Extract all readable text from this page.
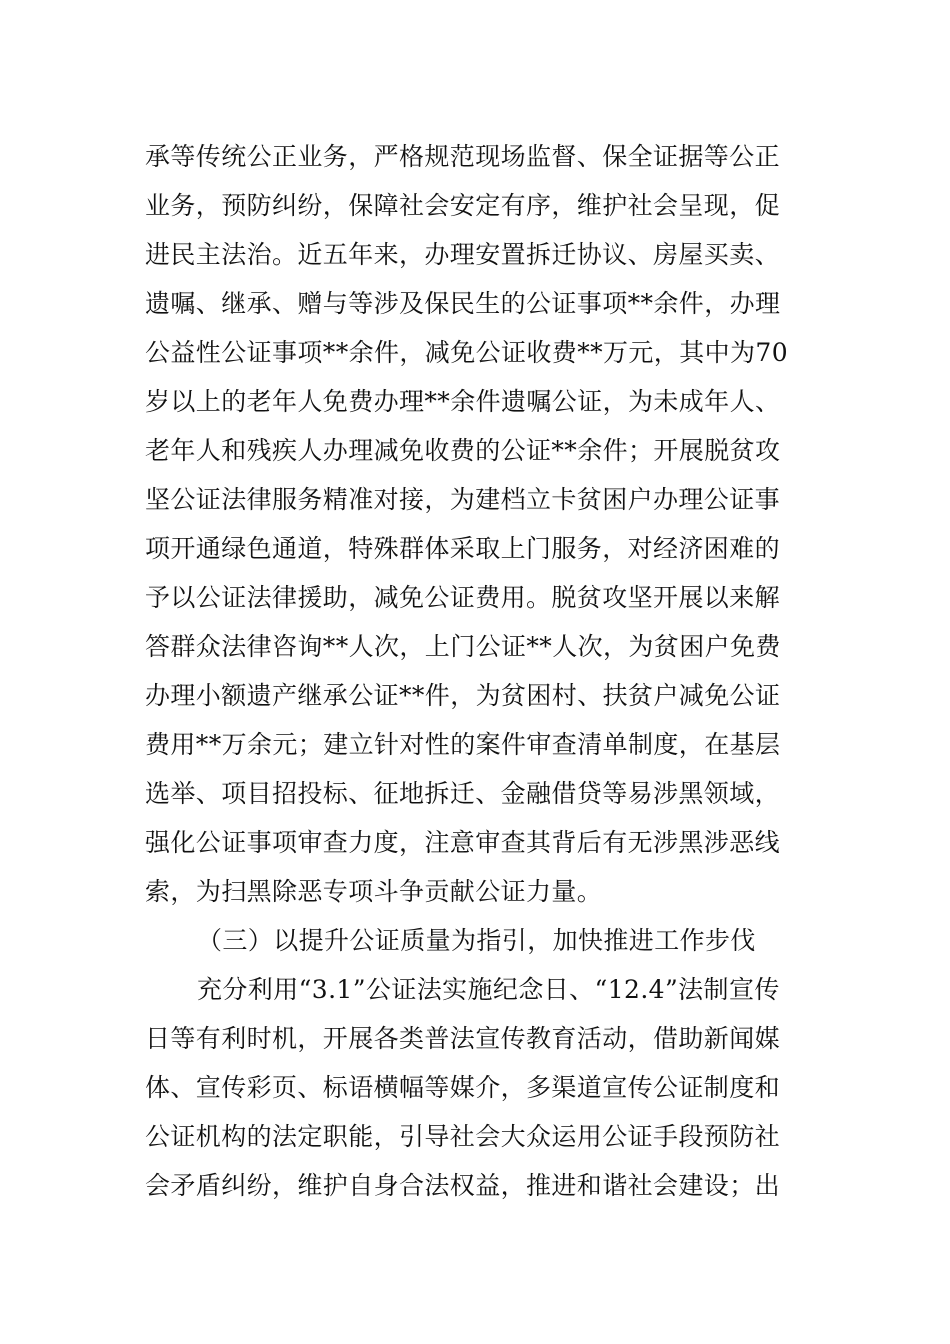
承等传统公正业务，严格规范现场监督、保全证据等公正
业务，预防纠纷，保障社会安定有序，维护社会呈现，促
进民主法治。近五年来，办理安置拆迁协议、房屋买卖、
遗嘱、继承、赠与等涉及保民生的公证事项**余件，办理
公益性公证事项**余件，减免公证收费**万元，其中为70
岁以上的老年人免费办理**余件遗嘱公证，为未成年人、
老年人和残疾人办理减免收费的公证**余件；开展脱贫攻
坚公证法律服务精准对接，为建档立卡贫困户办理公证事
项开通绿色通道，特殊群体采取上门服务，对经济困难的
予以公证法律援助，减免公证费用。脱贫攻坚开展以来解
答群众法律咨询**人次，上门公证**人次，为贫困户免费
办理小额遗产继承公证**件，为贫困村、扶贫户减免公证
费用**万余元；建立针对性的案件审查清单制度，在基层
选举、项目招投标、征地拆迁、金融借贷等易涉黑领域，
强化公证事项审查力度，注意审查其背后有无涉黑涉恶线
索，为扫黑除恶专项斗争贡献公证力量。
（三）以提升公证质量为指引，加快推进工作步伐
充分利用“3.1”公证法实施纪念日、“12.4”法制宣传
日等有利时机，开展各类普法宣传教育活动，借助新闻媒
体、宣传彩页、标语横幅等媒介，多渠道宣传公证制度和
公证机构的法定职能，引导社会大众运用公证手段预防社
会矛盾纠纷，维护自身合法权益，推进和谐社会建设；出
